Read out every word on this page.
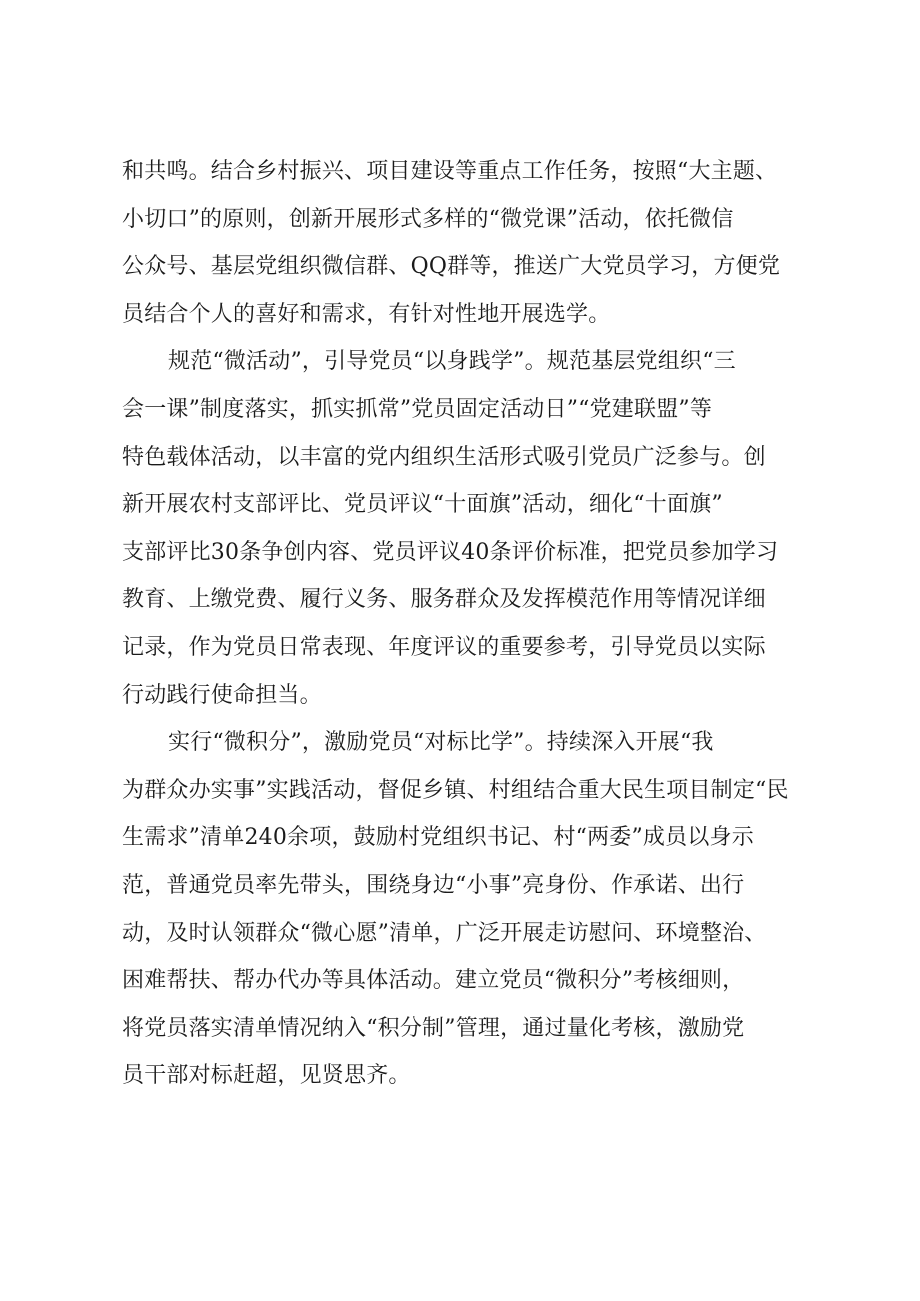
和共鸣。结合乡村振兴、项目建设等重点工作任务，按照“大主题、
小切口”的原则，创新开展形式多样的“微党课”活动，依托微信
公众号、基层党组织微信群、QQ群等，推送广大党员学习，方便党
员结合个人的喜好和需求，有针对性地开展选学。

规范“微活动”，引导党员“以身践学”。规范基层党组织“三
会一课”制度落实，抓实抓常”党员固定活动日”“党建联盟”等
特色载体活动，以丰富的党内组织生活形式吸引党员广泛参与。创
新开展农村支部评比、党员评议“十面旗”活动，细化“十面旗”
支部评比30条争创内容、党员评议40条评价标准，把党员参加学习
教育、上缴党费、履行义务、服务群众及发挥模范作用等情况详细
记录，作为党员日常表现、年度评议的重要参考，引导党员以实际
行动践行使命担当。

实行“微积分”，激励党员“对标比学”。持续深入开展“我
为群众办实事”实践活动，督促乡镇、村组结合重大民生项目制定“民
生需求”清单240余项，鼓励村党组织书记、村“两委”成员以身示
范，普通党员率先带头，围绕身边“小事”亮身份、作承诺、出行
动，及时认领群众“微心愿”清单，广泛开展走访慰问、环境整治、
困难帮扶、帮办代办等具体活动。建立党员“微积分”考核细则，
将党员落实清单情况纳入“积分制”管理，通过量化考核，激励党
员干部对标赶超，见贤思齐。
